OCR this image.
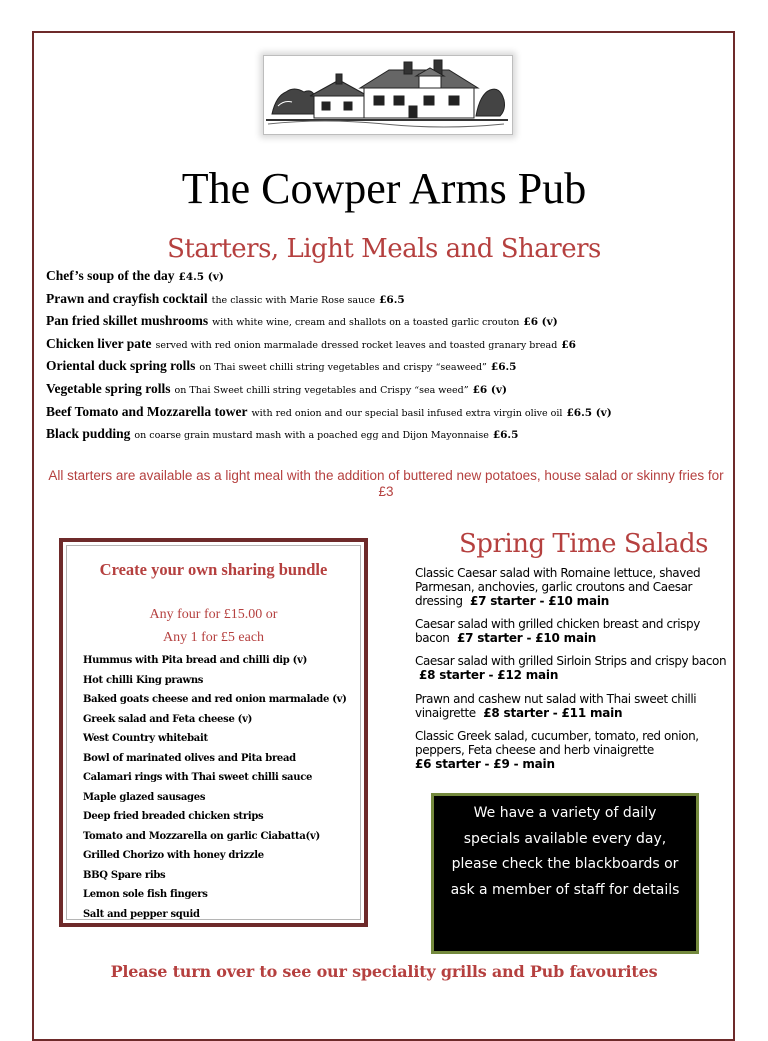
The Cowper Arms Pub
Starters, Light Meals and Sharers
Chef’s soup of the day £4.5 (v)
Prawn and crayfish cocktail the classic with Marie Rose sauce £6.5
Pan fried skillet mushrooms with white wine, cream and shallots on a toasted garlic crouton £6 (v)
Chicken liver pate served with red onion marmalade dressed rocket leaves and toasted granary bread £6
Oriental duck spring rolls on Thai sweet chilli string vegetables and crispy “seaweed” £6.5
Vegetable spring rolls on Thai Sweet chilli string vegetables and Crispy “sea weed” £6 (v)
Beef Tomato and Mozzarella tower with red onion and our special basil infused extra virgin olive oil £6.5 (v)
Black pudding on coarse grain mustard mash with a poached egg and Dijon Mayonnaise £6.5
All starters are available as a light meal with the addition of buttered new potatoes, house salad or skinny fries for £3
Create your own sharing bundle
Any four for £15.00 or
Any 1 for £5 each
Hummus with Pita bread and chilli dip (v)
Hot chilli King prawns
Baked goats cheese and red onion marmalade (v)
Greek salad and Feta cheese (v)
West Country whitebait
Bowl of marinated olives and Pita bread
Calamari rings with Thai sweet chilli sauce
Maple glazed sausages
Deep fried breaded chicken strips
Tomato and Mozzarella on garlic Ciabatta(v)
Grilled Chorizo with honey drizzle
BBQ Spare ribs
Lemon sole fish fingers
Salt and pepper squid
Spring Time Salads
Classic Caesar salad with Romaine lettuce, shaved Parmesan, anchovies, garlic croutons and Caesar dressing £7 starter - £10 main
Caesar salad with grilled chicken breast and crispy bacon £7 starter - £10 main
Caesar salad with grilled Sirloin Strips and crispy bacon £8 starter - £12 main
Prawn and cashew nut salad with Thai sweet chilli vinaigrette £8 starter - £11 main
Classic Greek salad, cucumber, tomato, red onion, peppers, Feta cheese and herb vinaigrette
£6 starter - £9 - main
We have a variety of daily
specials available every day,
please check the blackboards or
ask a member of staff for details
Please turn over to see our speciality grills and Pub favourites
